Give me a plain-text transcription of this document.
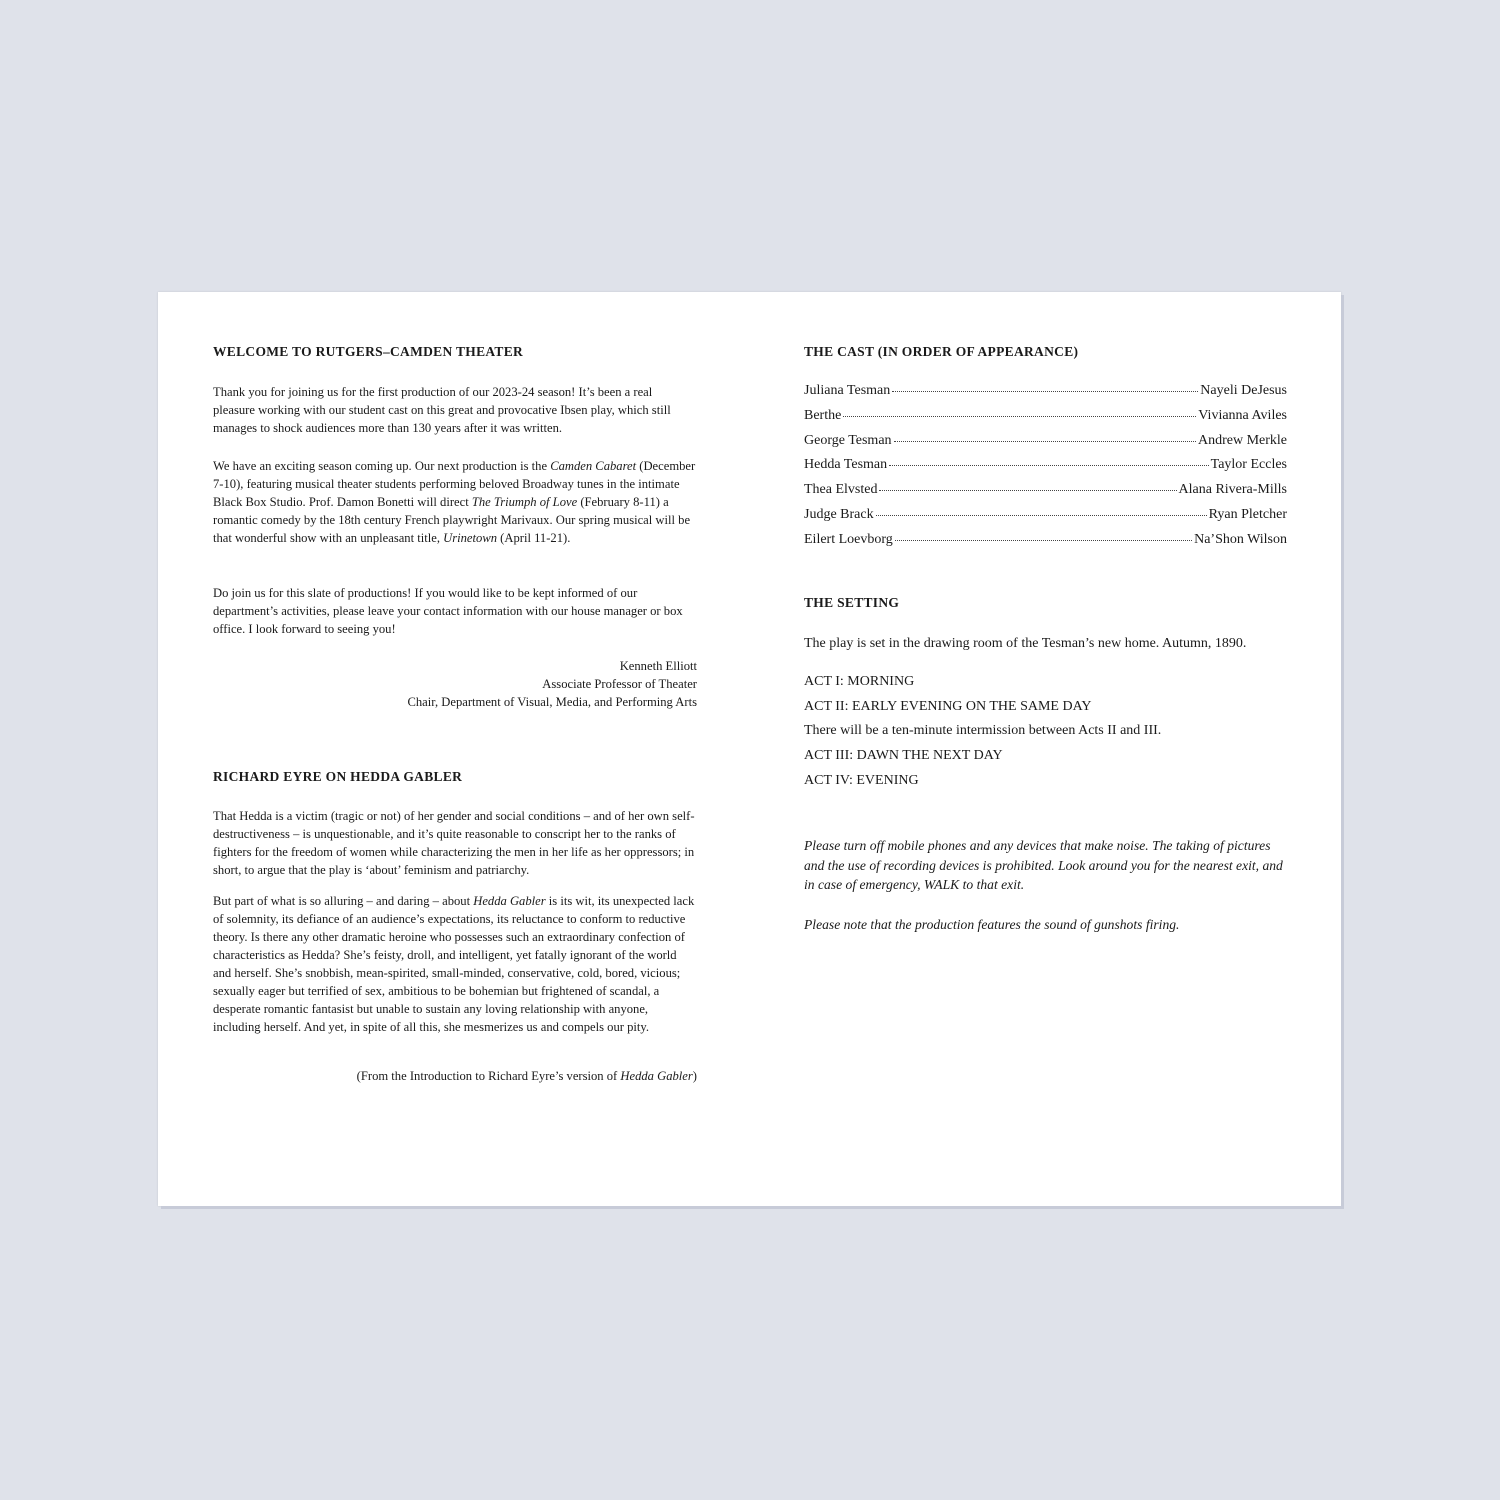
WELCOME TO RUTGERS–CAMDEN THEATER

Thank you for joining us for the first production of our 2023-24 season! It’s been a real pleasure working with our student cast on this great and provocative Ibsen play, which still manages to shock audiences more than 130 years after it was written.

We have an exciting season coming up. Our next production is the Camden Cabaret (December 7-10), featuring musical theater students performing beloved Broadway tunes in the intimate Black Box Studio. Prof. Damon Bonetti will direct The Triumph of Love (February 8-11) a romantic comedy by the 18th century French playwright Marivaux. Our spring musical will be that wonderful show with an unpleasant title, Urinetown (April 11-21).

Do join us for this slate of productions! If you would like to be kept informed of our department’s activities, please leave your contact information with our house manager or box office. I look forward to seeing you!

Kenneth Elliott
Associate Professor of Theater
Chair, Department of Visual, Media, and Performing Arts

RICHARD EYRE ON HEDDA GABLER

That Hedda is a victim (tragic or not) of her gender and social conditions – and of her own self-destructiveness – is unquestionable, and it’s quite reasonable to conscript her to the ranks of fighters for the freedom of women while characterizing the men in her life as her oppressors; in short, to argue that the play is ‘about’ feminism and patriarchy.

But part of what is so alluring – and daring – about Hedda Gabler is its wit, its unexpected lack of solemnity, its defiance of an audience’s expectations, its reluctance to conform to reductive theory. Is there any other dramatic heroine who possesses such an extraordinary confection of characteristics as Hedda? She’s feisty, droll, and intelligent, yet fatally ignorant of the world and herself. She’s snobbish, mean-spirited, small-minded, conservative, cold, bored, vicious; sexually eager but terrified of sex, ambitious to be bohemian but frightened of scandal, a desperate romantic fantasist but unable to sustain any loving relationship with anyone, including herself. And yet, in spite of all this, she mesmerizes us and compels our pity.

(From the Introduction to Richard Eyre’s version of Hedda Gabler)

THE CAST (IN ORDER OF APPEARANCE)
Juliana Tesman	Nayeli DeJesus
Berthe	Vivianna Aviles
George Tesman	Andrew Merkle
Hedda Tesman	Taylor Eccles
Thea Elvsted	Alana Rivera-Mills
Judge Brack	Ryan Pletcher
Eilert Loevborg	Na’Shon Wilson
THE SETTING

The play is set in the drawing room of the Tesman’s new home. Autumn, 1890.

ACT I: MORNING
ACT II: EARLY EVENING ON THE SAME DAY
There will be a ten-minute intermission between Acts II and III.
ACT III: DAWN THE NEXT DAY
ACT IV: EVENING

Please turn off mobile phones and any devices that make noise. The taking of pictures and the use of recording devices is prohibited. Look around you for the nearest exit, and in case of emergency, WALK to that exit.

Please note that the production features the sound of gunshots firing.
